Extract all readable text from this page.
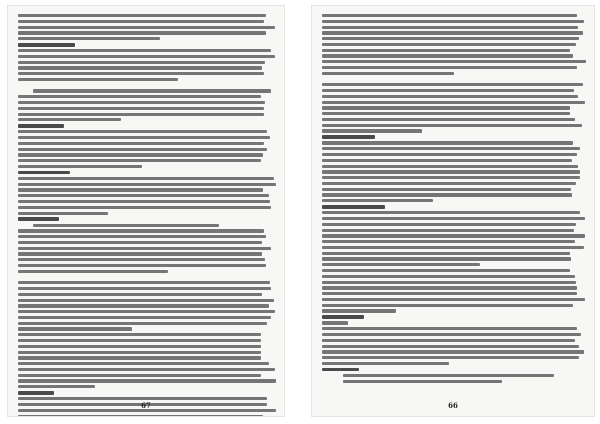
67	66
